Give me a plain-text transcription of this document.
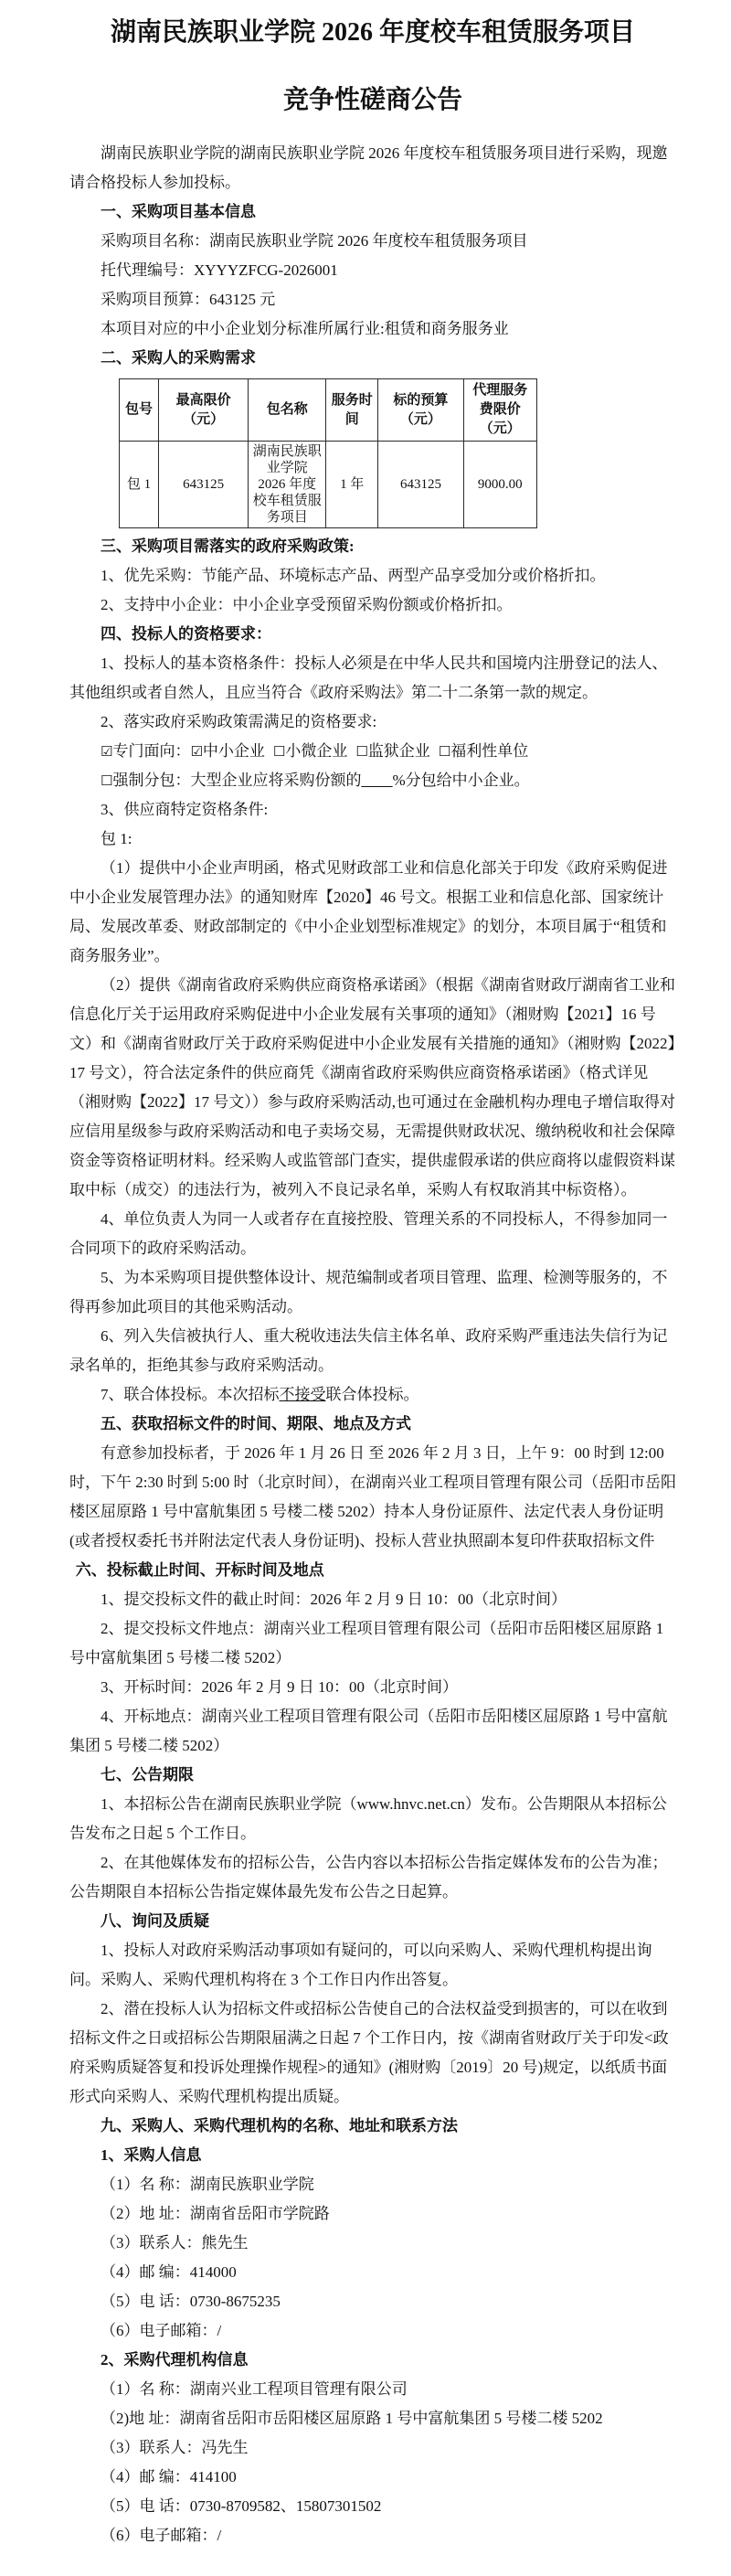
湖南民族职业学院 2026 年度校车租赁服务项目
竞争性磋商公告

湖南民族职业学院的湖南民族职业学院 2026 年度校车租赁服务项目进行采购，现邀请合格投标人参加投标。

一、采购项目基本信息

采购项目名称：湖南民族职业学院 2026 年度校车租赁服务项目

托代理编号：XYYYZFCG-2026001

采购项目预算：643125 元

本项目对应的中小企业划分标准所属行业:租赁和商务服务业

二、采购人的采购需求

包号	最高限价（元）	包名称	服务时间	标的预算（元）	代理服务费限价（元）
包 1	643125	湖南民族职业学院 2026 年度校车租赁服务项目	1 年	643125	9000.00

三、采购项目需落实的政府采购政策:

1、优先采购：节能产品、环境标志产品、两型产品享受加分或价格折扣。

2、支持中小企业：中小企业享受预留采购份额或价格折扣。

四、投标人的资格要求：

1、投标人的基本资格条件：投标人必须是在中华人民共和国境内注册登记的法人、其他组织或者自然人，且应当符合《政府采购法》第二十二条第一款的规定。

2、落实政府采购政策需满足的资格要求:

☑专门面向：☑中小企业 ☐小微企业 ☐监狱企业 ☐福利性单位

☐强制分包：大型企业应将采购份额的____%分包给中小企业。

3、供应商特定资格条件:

包 1:

（1）提供中小企业声明函，格式见财政部工业和信息化部关于印发《政府采购促进中小企业发展管理办法》的通知财库【2020】46 号文。根据工业和信息化部、国家统计局、发展改革委、财政部制定的《中小企业划型标准规定》的划分，本项目属于“租赁和商务服务业”。

（2）提供《湖南省政府采购供应商资格承诺函》（根据《湖南省财政厅湖南省工业和信息化厅关于运用政府采购促进中小企业发展有关事项的通知》（湘财购【2021】16 号文）和《湖南省财政厅关于政府采购促进中小企业发展有关措施的通知》（湘财购【2022】17 号文），符合法定条件的供应商凭《湖南省政府采购供应商资格承诺函》（格式详见（湘财购【2022】17 号文））参与政府采购活动,也可通过在金融机构办理电子增信取得对应信用星级参与政府采购活动和电子卖场交易，无需提供财政状况、缴纳税收和社会保障资金等资格证明材料。经采购人或监管部门查实，提供虚假承诺的供应商将以虚假资料谋取中标（成交）的违法行为，被列入不良记录名单，采购人有权取消其中标资格）。

4、单位负责人为同一人或者存在直接控股、管理关系的不同投标人，不得参加同一合同项下的政府采购活动。

5、为本采购项目提供整体设计、规范编制或者项目管理、监理、检测等服务的，不得再参加此项目的其他采购活动。

6、列入失信被执行人、重大税收违法失信主体名单、政府采购严重违法失信行为记录名单的，拒绝其参与政府采购活动。

7、联合体投标。本次招标不接受联合体投标。

五、获取招标文件的时间、期限、地点及方式

有意参加投标者，于 2026 年 1 月 26 日 至 2026 年 2 月 3 日，上午 9：00 时到 12:00 时，下午 2:30 时到 5:00 时（北京时间），在湖南兴业工程项目管理有限公司（岳阳市岳阳楼区屈原路 1 号中富航集团 5 号楼二楼 5202）持本人身份证原件、法定代表人身份证明(或者授权委托书并附法定代表人身份证明)、投标人营业执照副本复印件获取招标文件

六、投标截止时间、开标时间及地点

1、提交投标文件的截止时间：2026 年 2 月 9 日 10：00（北京时间）

2、提交投标文件地点：湖南兴业工程项目管理有限公司（岳阳市岳阳楼区屈原路 1 号中富航集团 5 号楼二楼 5202）

3、开标时间：2026 年 2 月 9 日 10：00（北京时间）

4、开标地点：湖南兴业工程项目管理有限公司（岳阳市岳阳楼区屈原路 1 号中富航集团 5 号楼二楼 5202）

七、公告期限

1、本招标公告在湖南民族职业学院（www.hnvc.net.cn）发布。公告期限从本招标公告发布之日起 5 个工作日。

2、在其他媒体发布的招标公告，公告内容以本招标公告指定媒体发布的公告为准；公告期限自本招标公告指定媒体最先发布公告之日起算。

八、询问及质疑

1、投标人对政府采购活动事项如有疑问的，可以向采购人、采购代理机构提出询问。采购人、采购代理机构将在 3 个工作日内作出答复。

2、潜在投标人认为招标文件或招标公告使自己的合法权益受到损害的，可以在收到招标文件之日或招标公告期限届满之日起 7 个工作日内，按《湖南省财政厅关于印发<政府采购质疑答复和投诉处理操作规程>的通知》(湘财购〔2019〕20 号)规定，以纸质书面形式向采购人、采购代理机构提出质疑。

九、采购人、采购代理机构的名称、地址和联系方法

1、采购人信息

（1）名 称：湖南民族职业学院

（2）地 址：湖南省岳阳市学院路

（3）联系人：熊先生

（4）邮 编：414000

（5）电 话：0730-8675235

（6）电子邮箱：/

2、采购代理机构信息

（1）名 称：湖南兴业工程项目管理有限公司

（2)地 址：湖南省岳阳市岳阳楼区屈原路 1 号中富航集团 5 号楼二楼 5202

（3）联系人：冯先生

（4）邮 编：414100

（5）电 话：0730-8709582、15807301502

（6）电子邮箱：/
